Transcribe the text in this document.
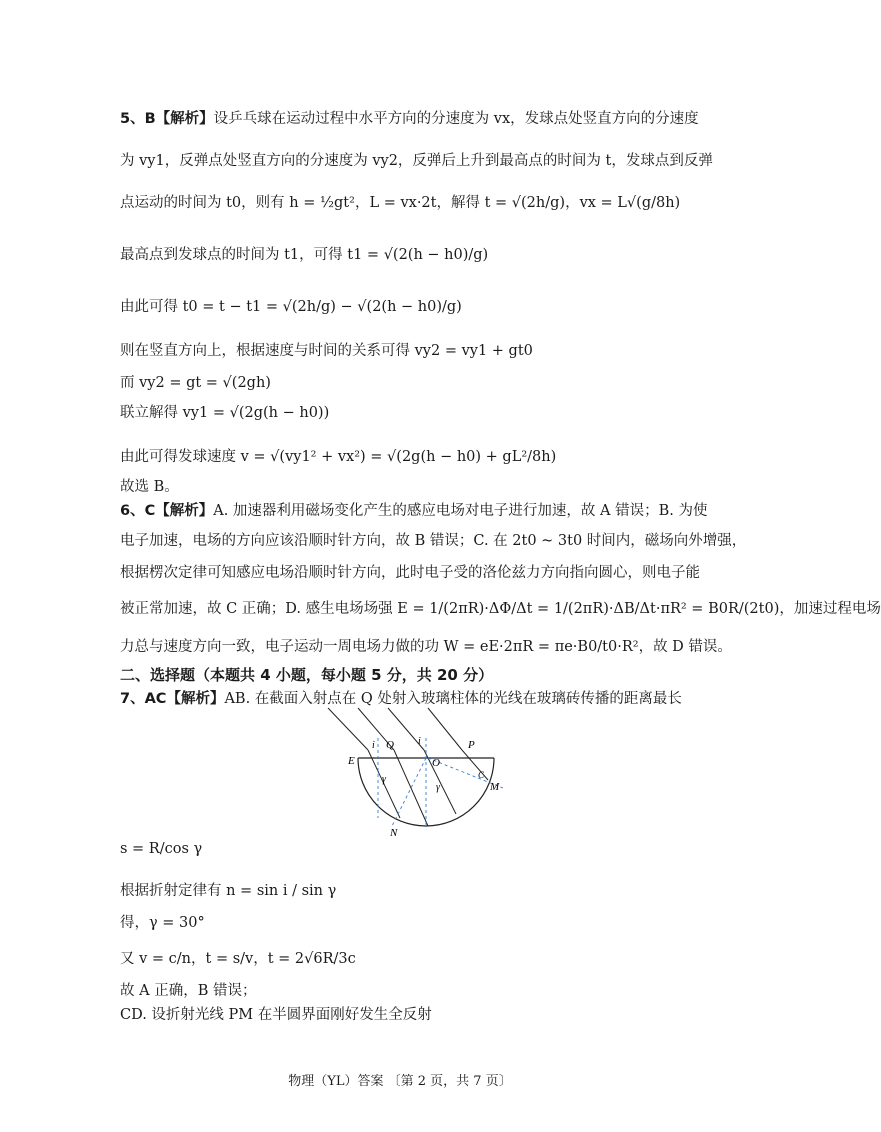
5、B【解析】设乒乓球在运动过程中水平方向的分速度为 vx，发球点处竖直方向的分速度
为 vy1，反弹点处竖直方向的分速度为 vy2，反弹后上升到最高点的时间为 t，发球点到反弹
点运动的时间为 t0，则有 h = ½gt²，L = vx·2t，解得 t = √(2h/g)，vx = L√(g/8h)
最高点到发球点的时间为 t1，可得 t1 = √(2(h − h0)/g)
由此可得 t0 = t − t1 = √(2h/g) − √(2(h − h0)/g)
则在竖直方向上，根据速度与时间的关系可得 vy2 = vy1 + gt0
而 vy2 = gt = √(2gh)
联立解得 vy1 = √(2g(h − h0))
由此可得发球速度 v = √(vy1² + vx²) = √(2g(h − h0) + gL²/8h)
故选 B。
6、C【解析】A. 加速器利用磁场变化产生的感应电场对电子进行加速，故 A 错误；B. 为使
电子加速，电场的方向应该沿顺时针方向，故 B 错误；C. 在 2t0 ~ 3t0 时间内，磁场向外增强，
根据楞次定律可知感应电场沿顺时针方向，此时电子受的洛伦兹力方向指向圆心，则电子能
被正常加速，故 C 正确；D. 感生电场场强 E = 1/(2πR)·ΔΦ/Δt = 1/(2πR)·ΔB/Δt·πR² = B0R/(2t0)，加速过程电场
力总与速度方向一致，电子运动一周电场力做的功 W = eE·2πR = πe·B0/t0·R²，故 D 错误。
二、选择题（本题共 4 小题，每小题 5 分，共 20 分）
7、AC【解析】AB. 在截面入射点在 Q 处射入玻璃柱体的光线在玻璃砖传播的距离最长
E
Q
i	i
O
P
M
N
γ
γ
C
s = R/cos γ
根据折射定律有 n = sin i / sin γ
得，γ = 30°
又 v = c/n，t = s/v，t = 2√6R/3c
故 A 正确，B 错误；
CD. 设折射光线 PM 在半圆界面刚好发生全反射
物理（YL）答案 〔第 2 页，共 7 页〕
